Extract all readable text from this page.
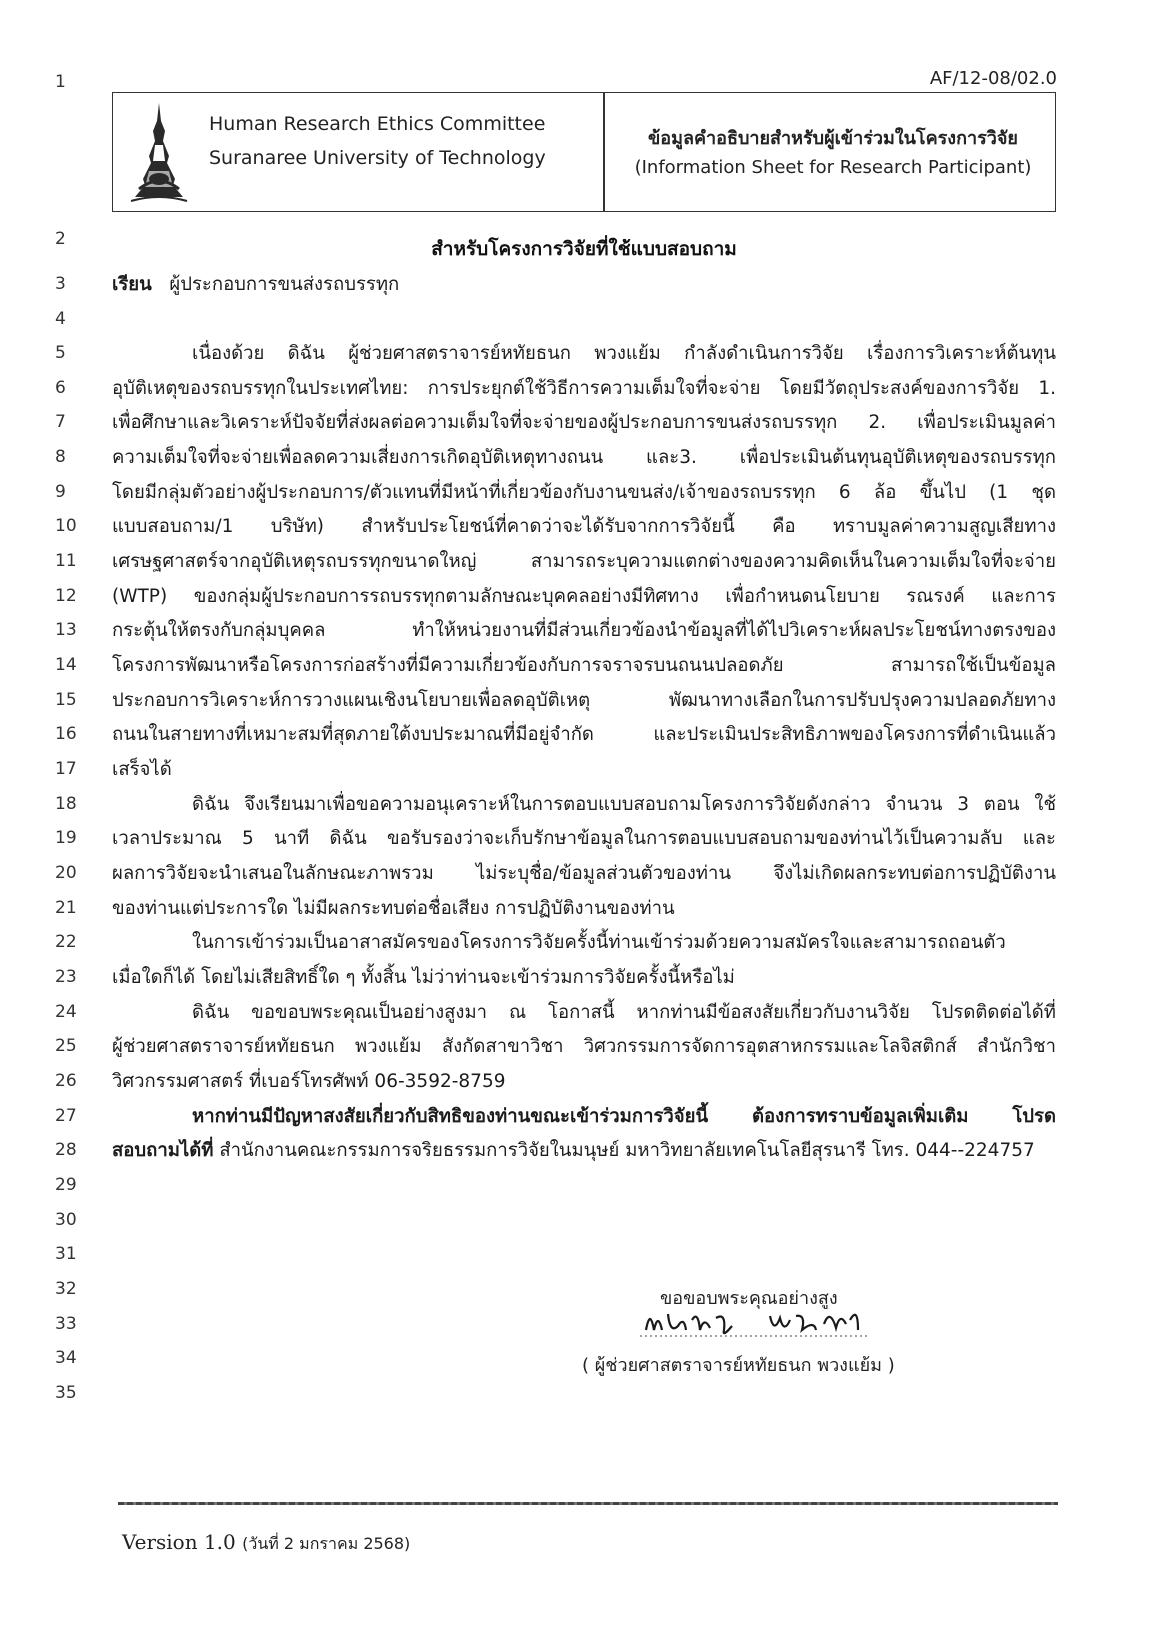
AF/12-08/02.0
Human Research Ethics Committee
Suranaree University of Technology
ข้อมูลคำอธิบายสำหรับผู้เข้าร่วมในโครงการวิจัย
(Information Sheet for Research Participant)
1
2
3
4
5
6
7
8
9
10
11
12
13
14
15
16
17
18
19
20
21
22
23
24
25
26
27
28
29
30
31
32
33
34
35
สำหรับโครงการวิจัยที่ใช้แบบสอบถาม
เรียน ผู้ประกอบการขนส่งรถบรรทุก
เนื่องด้วย ดิฉัน ผู้ช่วยศาสตราจารย์หทัยธนก พวงแย้ม กำลังดำเนินการวิจัย เรื่องการวิเคราะห์ต้นทุน
อุบัติเหตุของรถบรรทุกในประเทศไทย: การประยุกต์ใช้วิธีการความเต็มใจที่จะจ่าย โดยมีวัตถุประสงค์ของการวิจัย 1.
เพื่อศึกษาและวิเคราะห์ปัจจัยที่ส่งผลต่อความเต็มใจที่จะจ่ายของผู้ประกอบการขนส่งรถบรรทุก 2. เพื่อประเมินมูลค่า
ความเต็มใจที่จะจ่ายเพื่อลดความเสี่ยงการเกิดอุบัติเหตุทางถนน และ3. เพื่อประเมินต้นทุนอุบัติเหตุของรถบรรทุก
โดยมีกลุ่มตัวอย่างผู้ประกอบการ/ตัวแทนที่มีหน้าที่เกี่ยวข้องกับงานขนส่ง/เจ้าของรถบรรทุก 6 ล้อ ขึ้นไป (1 ชุด
แบบสอบถาม/1 บริษัท) สำหรับประโยชน์ที่คาดว่าจะได้รับจากการวิจัยนี้ คือ ทราบมูลค่าความสูญเสียทาง
เศรษฐศาสตร์จากอุบัติเหตุรถบรรทุกขนาดใหญ่ สามารถระบุความแตกต่างของความคิดเห็นในความเต็มใจที่จะจ่าย
(WTP) ของกลุ่มผู้ประกอบการรถบรรทุกตามลักษณะบุคคลอย่างมีทิศทาง เพื่อกำหนดนโยบาย รณรงค์ และการ
กระตุ้นให้ตรงกับกลุ่มบุคคล ทำให้หน่วยงานที่มีส่วนเกี่ยวข้องนำข้อมูลที่ได้ไปวิเคราะห์ผลประโยชน์ทางตรงของ
โครงการพัฒนาหรือโครงการก่อสร้างที่มีความเกี่ยวข้องกับการจราจรบนถนนปลอดภัย สามารถใช้เป็นข้อมูล
ประกอบการวิเคราะห์การวางแผนเชิงนโยบายเพื่อลดอุบัติเหตุ พัฒนาทางเลือกในการปรับปรุงความปลอดภัยทาง
ถนนในสายทางที่เหมาะสมที่สุดภายใต้งบประมาณที่มีอยู่จำกัด และประเมินประสิทธิภาพของโครงการที่ดำเนินแล้ว
เสร็จได้
ดิฉัน จึงเรียนมาเพื่อขอความอนุเคราะห์ในการตอบแบบสอบถามโครงการวิจัยดังกล่าว จำนวน 3 ตอน ใช้
เวลาประมาณ 5 นาที ดิฉัน ขอรับรองว่าจะเก็บรักษาข้อมูลในการตอบแบบสอบถามของท่านไว้เป็นความลับ และ
ผลการวิจัยจะนำเสนอในลักษณะภาพรวม ไม่ระบุชื่อ/ข้อมูลส่วนตัวของท่าน จึงไม่เกิดผลกระทบต่อการปฏิบัติงาน
ของท่านแต่ประการใด ไม่มีผลกระทบต่อชื่อเสียง การปฏิบัติงานของท่าน
ในการเข้าร่วมเป็นอาสาสมัครของโครงการวิจัยครั้งนี้ท่านเข้าร่วมด้วยความสมัครใจและสามารถถอนตัว
เมื่อใดก็ได้ โดยไม่เสียสิทธิ์ใด ๆ ทั้งสิ้น ไม่ว่าท่านจะเข้าร่วมการวิจัยครั้งนี้หรือไม่
ดิฉัน ขอขอบพระคุณเป็นอย่างสูงมา ณ โอกาสนี้ หากท่านมีข้อสงสัยเกี่ยวกับงานวิจัย โปรดติดต่อได้ที่
ผู้ช่วยศาสตราจารย์หทัยธนก พวงแย้ม สังกัดสาขาวิชา วิศวกรรมการจัดการอุตสาหกรรมและโลจิสติกส์ สำนักวิชา
วิศวกรรมศาสตร์ ที่เบอร์โทรศัพท์ 06-3592-8759
หากท่านมีปัญหาสงสัยเกี่ยวกับสิทธิของท่านขณะเข้าร่วมการวิจัยนี้ ต้องการทราบข้อมูลเพิ่มเติม โปรด
สอบถามได้ที่ สำนักงานคณะกรรมการจริยธรรมการวิจัยในมนุษย์ มหาวิทยาลัยเทคโนโลยีสุรนารี โทร. 044--224757
ขอขอบพระคุณอย่างสูง
( ผู้ช่วยศาสตราจารย์หทัยธนก พวงแย้ม )
Version 1.0 (วันที่ 2 มกราคม 2568)
